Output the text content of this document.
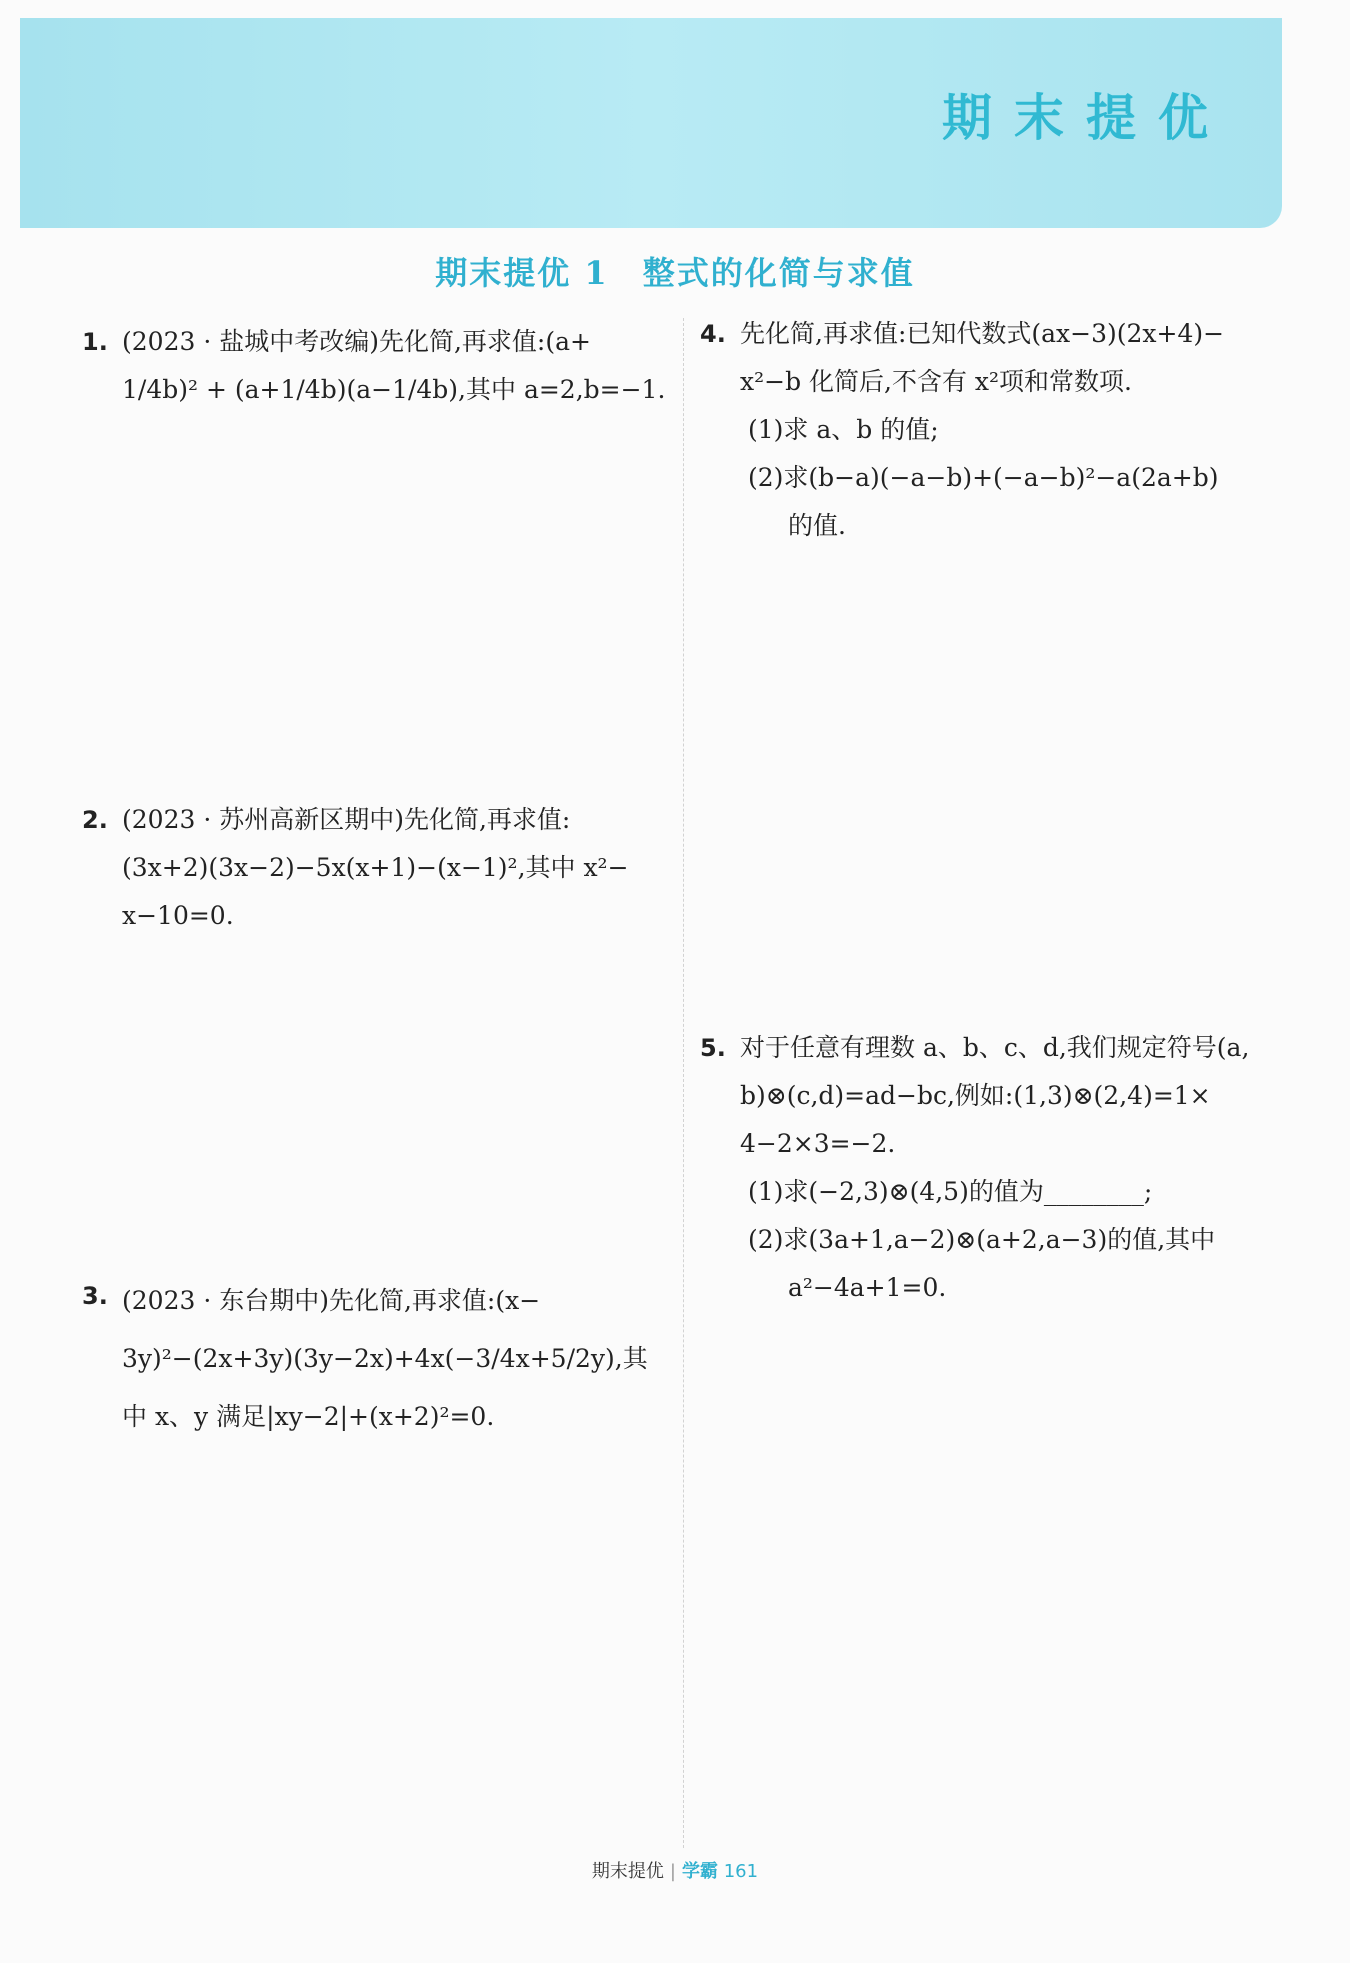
期末提优
期末提优 1　整式的化简与求值
1. (2023 · 盐城中考改编)先化简,再求值:(a+
1/4b)² + (a+1/4b)(a−1/4b),其中 a=2,b=−1.
2. (2023 · 苏州高新区期中)先化简,再求值:
(3x+2)(3x−2)−5x(x+1)−(x−1)²,其中 x²−
x−10=0.
3. (2023 · 东台期中)先化简,再求值:(x−
3y)²−(2x+3y)(3y−2x)+4x(−3/4x+5/2y),其
中 x、y 满足|xy−2|+(x+2)²=0.
4. 先化简,再求值:已知代数式(ax−3)(2x+4)−
x²−b 化简后,不含有 x²项和常数项.
(1)求 a、b 的值;
(2)求(b−a)(−a−b)+(−a−b)²−a(2a+b)
的值.
5. 对于任意有理数 a、b、c、d,我们规定符号(a,
b)⊗(c,d)=ad−bc,例如:(1,3)⊗(2,4)=1×
4−2×3=−2.
(1)求(−2,3)⊗(4,5)的值为________;
(2)求(3a+1,a−2)⊗(a+2,a−3)的值,其中
a²−4a+1=0.
期末提优 | 学霸 161
